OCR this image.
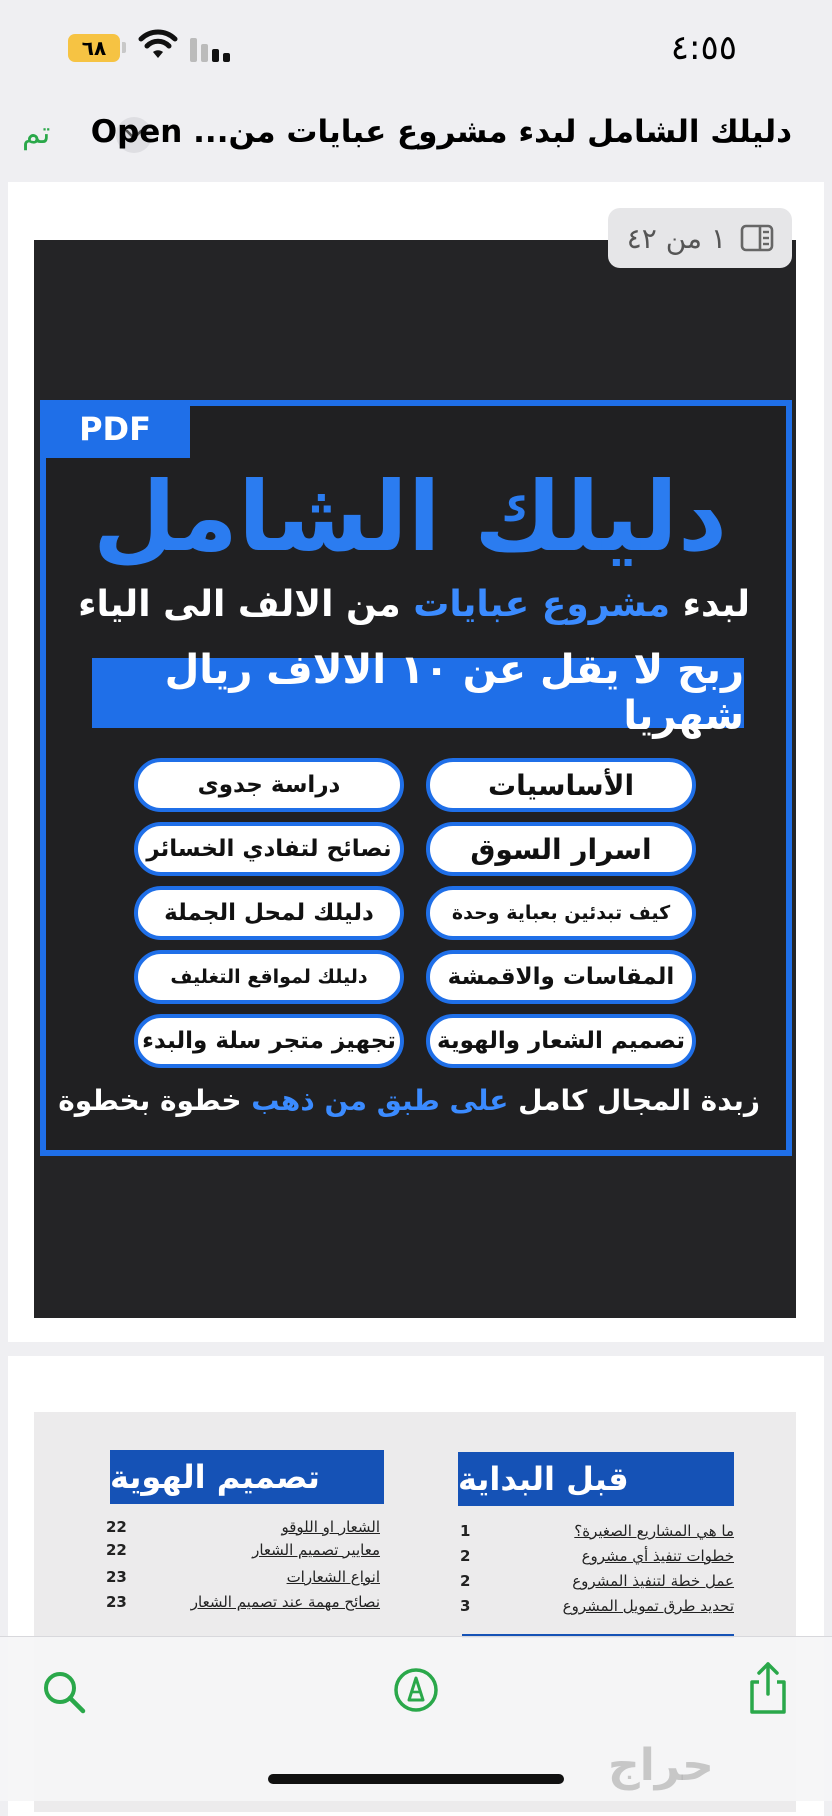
٤:٥٥
٦٨
تم دليلك الشامل لبدء مشروع عبايات من... Open
PDF
دليلك الشامل
لبدء مشروع عبايات من الالف الى الياء
ربح لا يقل عن ١٠ الالاف ريال شهريا
الأساسيات
اسرار السوق
كيف تبدئين بعباية وحدة
المقاسات والاقمشة
تصميم الشعار والهوية
دراسة جدوى
نصائح لتفادي الخسائر
دليلك لمحل الجملة
دليلك لمواقع التغليف
تجهيز متجر سلة والبدء
زبدة المجال كامل على طبق من ذهب خطوة بخطوة
١ من ٤٢
قبل البداية
تصميم الهوية
ما هي المشاريع الصغيرة؟
1
خطوات تنفيذ أي مشروع
2
عمل خطة لتنفيذ المشروع
2
تحديد طرق تمويل المشروع
3
الشعار او اللوقو
22
معايير تصميم الشعار
22
انواع الشعارات
23
نصائح مهمة عند تصميم الشعار
23
حراج
